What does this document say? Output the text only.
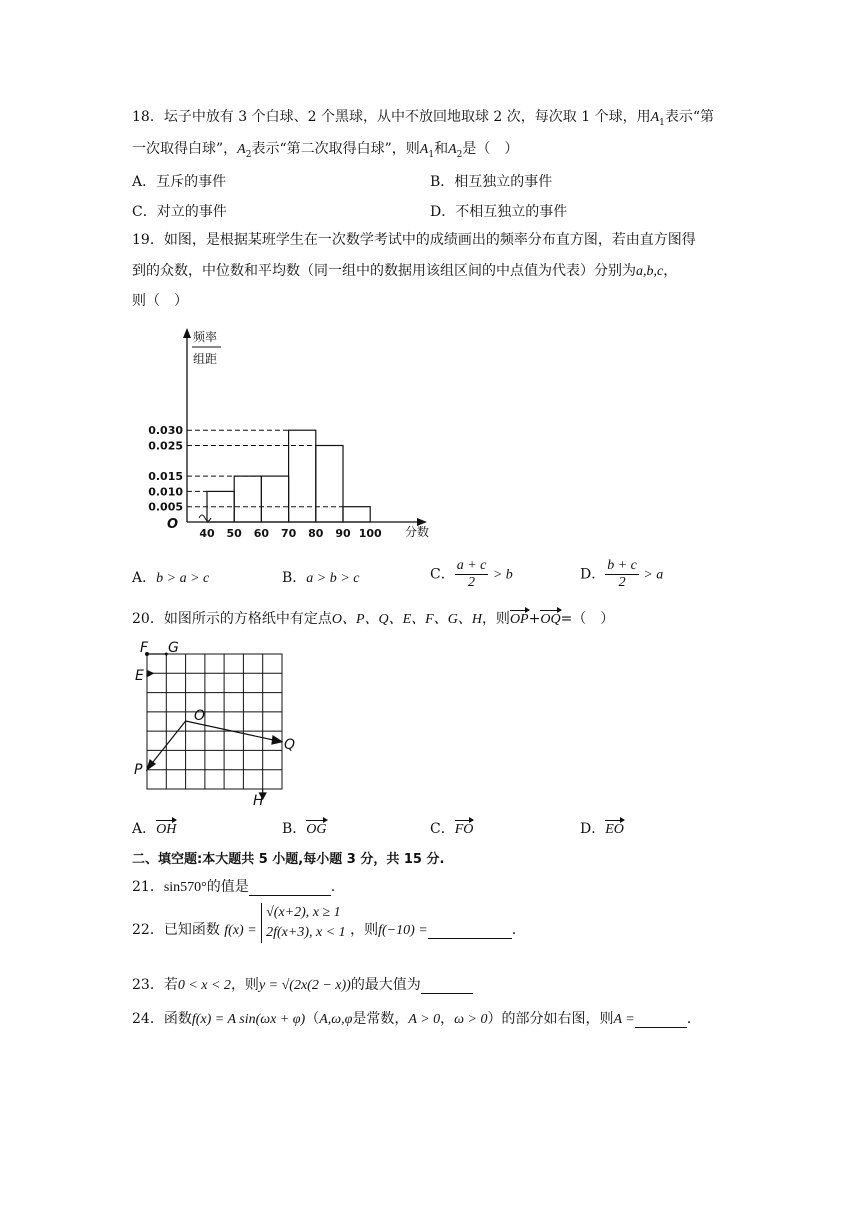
18．坛子中放有 3 个白球、2 个黑球，从中不放回地取球 2 次，每次取 1 个球，用$A_1$表示“第
一次取得白球”，$A_2$表示“第二次取得白球”，则$A_1$和$A_2$是（　）
A．互斥的事件	B．相互独立的事件
C．对立的事件	D．不相互独立的事件
19．如图，是根据某班学生在一次数学考试中的成绩画出的频率分布直方图，若由直方图得
到的众数，中位数和平均数（同一组中的数据用该组区间的中点值为代表）分别为a,b,c，
则（　）
0.030
0.025
0.015
0.010
0.005
40 50 60 70 80 90 100 分数
O
频率
组距
A．b > a > c	B．a > b > c	C． $\frac{a + c}{2} > b$	D． $\frac{b + c}{2} > a$
20．如图所示的方格纸中有定点O、P、Q、E、F、G、H，则OP+OQ=（　）
F G
E
O
Q
P
H
A．OH	B．OG	C．FO	D．EO
二、填空题:本大题共 5 小题,每小题 3 分，共 15 分.
21．sin570°的值是	.
22．已知函数 f(x) =
√(x+2), x ≥ 1
2f(x+3), x < 1 ，则f(−10) =	.
23．若0 < x < 2，则y = √(2x(2 − x))的最大值为
24．函数f(x) = A sin(ωx + φ)（A,ω,φ是常数，A > 0，ω > 0）的部分如右图，则A =	.
